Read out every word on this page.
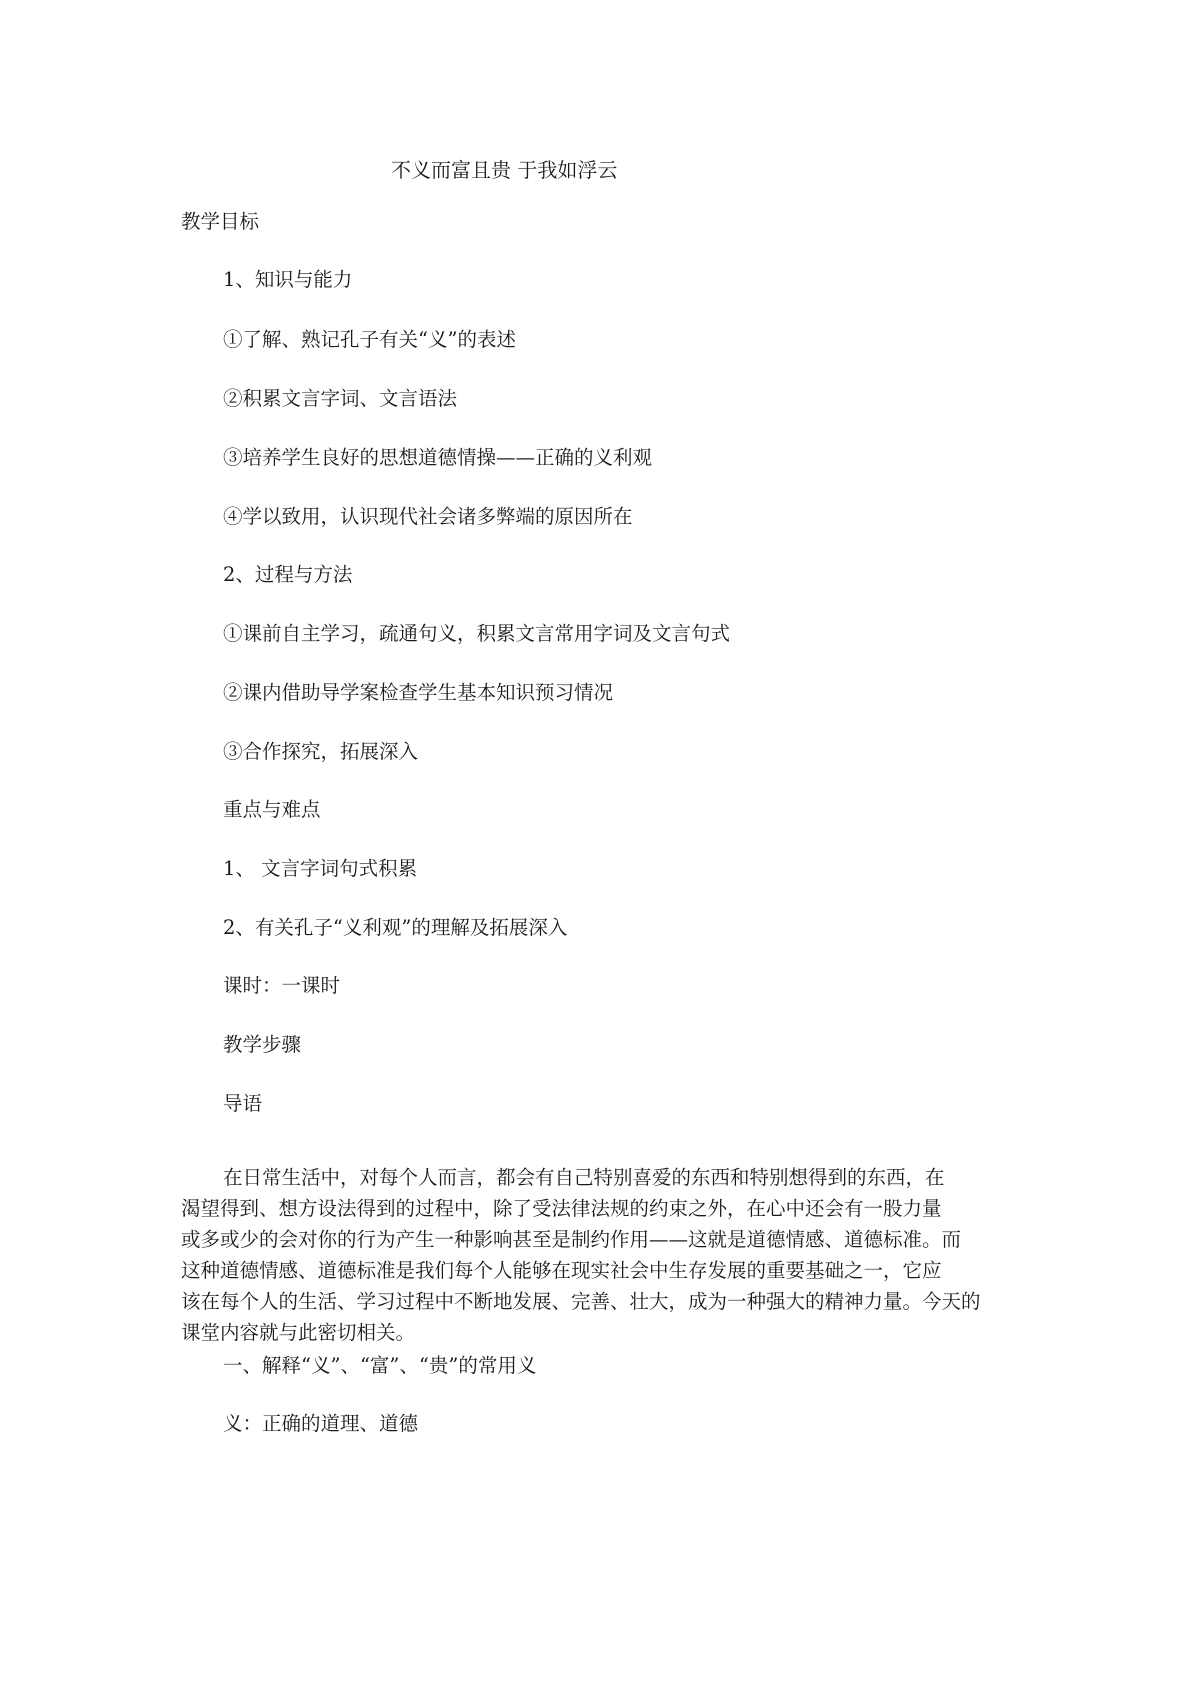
不义而富且贵 于我如浮云
教学目标
1、知识与能力
①了解、熟记孔子有关“义”的表述
②积累文言字词、文言语法
③培养学生良好的思想道德情操——正确的义利观
④学以致用，认识现代社会诸多弊端的原因所在
2、过程与方法
①课前自主学习，疏通句义，积累文言常用字词及文言句式
②课内借助导学案检查学生基本知识预习情况
③合作探究，拓展深入
重点与难点
1、 文言字词句式积累
2、有关孔子“义利观”的理解及拓展深入
课时：一课时
教学步骤
导语
在日常生活中，对每个人而言，都会有自己特别喜爱的东西和特别想得到的东西，在
渴望得到、想方设法得到的过程中，除了受法律法规的约束之外，在心中还会有一股力量
或多或少的会对你的行为产生一种影响甚至是制约作用——这就是道德情感、道德标准。而
这种道德情感、道德标准是我们每个人能够在现实社会中生存发展的重要基础之一，它应
该在每个人的生活、学习过程中不断地发展、完善、壮大，成为一种强大的精神力量。今天的
课堂内容就与此密切相关。
一、解释“义”、“富”、“贵”的常用义
义：正确的道理、道德
